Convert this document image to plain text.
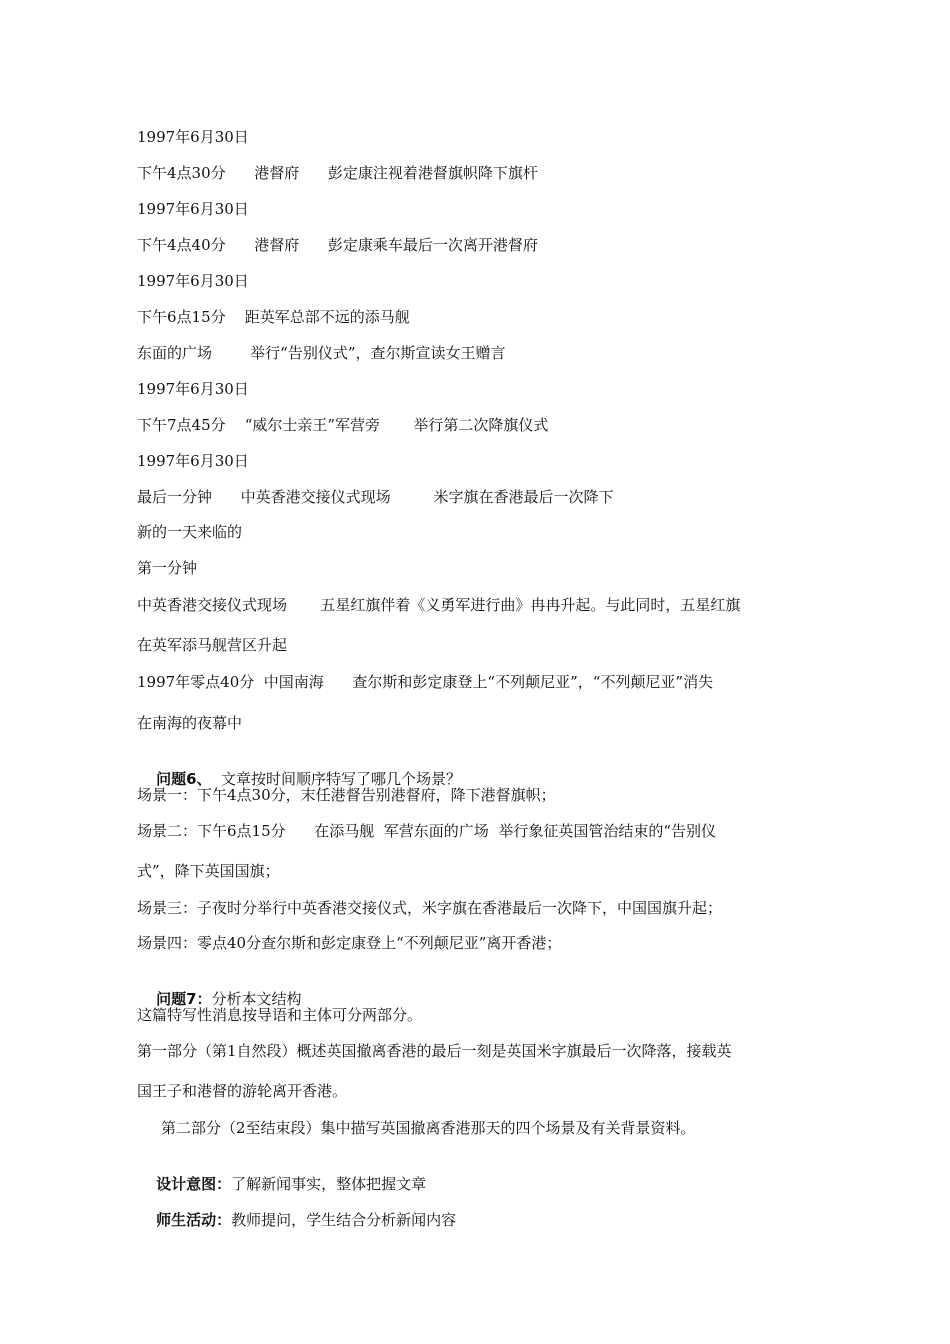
1997年6月30日
下午4点30分      港督府      彭定康注视着港督旗帜降下旗杆
1997年6月30日
下午4点40分      港督府      彭定康乘车最后一次离开港督府
1997年6月30日
下午6点15分    距英军总部不远的添马舰
东面的广场        举行“告别仪式”，查尔斯宣读女王赠言
1997年6月30日
下午7点45分    “威尔士亲王”军营旁       举行第二次降旗仪式
1997年6月30日
最后一分钟      中英香港交接仪式现场         米字旗在香港最后一次降下
新的一天来临的
第一分钟
中英香港交接仪式现场       五星红旗伴着《义勇军进行曲》冉冉升起。与此同时，五星红旗
在英军添马舰营区升起
1997年零点40分  中国南海      查尔斯和彭定康登上“不列颠尼亚”，“不列颠尼亚”消失
在南海的夜幕中

问题6、  文章按时间顺序特写了哪几个场景？

场景一：下午4点30分，末任港督告别港督府，降下港督旗帜；
场景二：下午6点15分      在添马舰  军营东面的广场  举行象征英国管治结束的“告别仪
式”，降下英国国旗；
场景三：子夜时分举行中英香港交接仪式，米字旗在香港最后一次降下，中国国旗升起；
场景四：零点40分查尔斯和彭定康登上“不列颠尼亚”离开香港；

问题7：分析本文结构

这篇特写性消息按导语和主体可分两部分。
第一部分（第1自然段）概述英国撤离香港的最后一刻是英国米字旗最后一次降落，接载英
国王子和港督的游轮离开香港。
第二部分（2至结束段）集中描写英国撤离香港那天的四个场景及有关背景资料。

设计意图：了解新闻事实，整体把握文章

师生活动：教师提问，学生结合分析新闻内容
